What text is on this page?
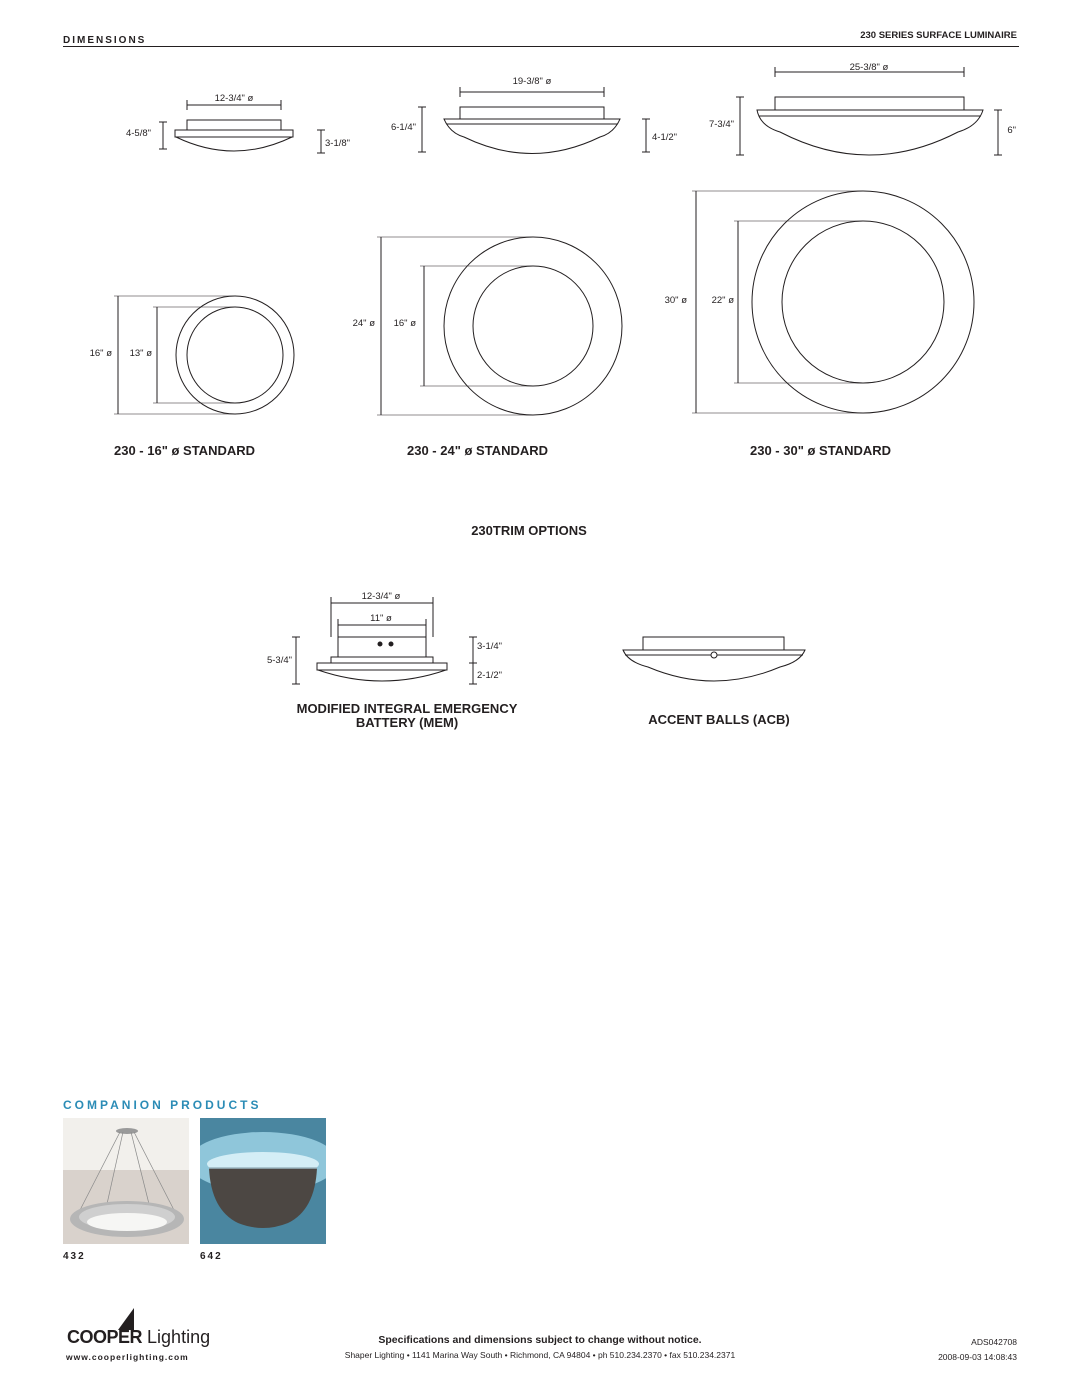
DIMENSIONS	230 SERIES SURFACE LUMINAIRE
12-3/4" ø
19-3/8" ø
25-3/8" ø
12-3/4" ø
11" ø
4-5/8"
6-1/4"	7-3/4"
6"
16" ø 13" ø
24" ø 16" ø
30" ø	22" ø
5-3/4"
3-1/8"
4-1/2"
3-1/4"
2-1/2"
230 - 16" ø STANDARD	230 - 24" ø STANDARD	230 - 30" ø STANDARD
230TRIM OPTIONS
MODIFIED INTEGRAL EMERGENCY
BATTERY (MEM)	ACCENT BALLS (ACB)
COMPANION PRODUCTS
432	642
COOPER Lighting
www.cooperlighting.com
Specifications and dimensions subject to change without notice.
Shaper Lighting • 1141 Marina Way South • Richmond, CA 94804 • ph 510.234.2370 • fax 510.234.2371
ADS042708
2008-09-03 14:08:43
